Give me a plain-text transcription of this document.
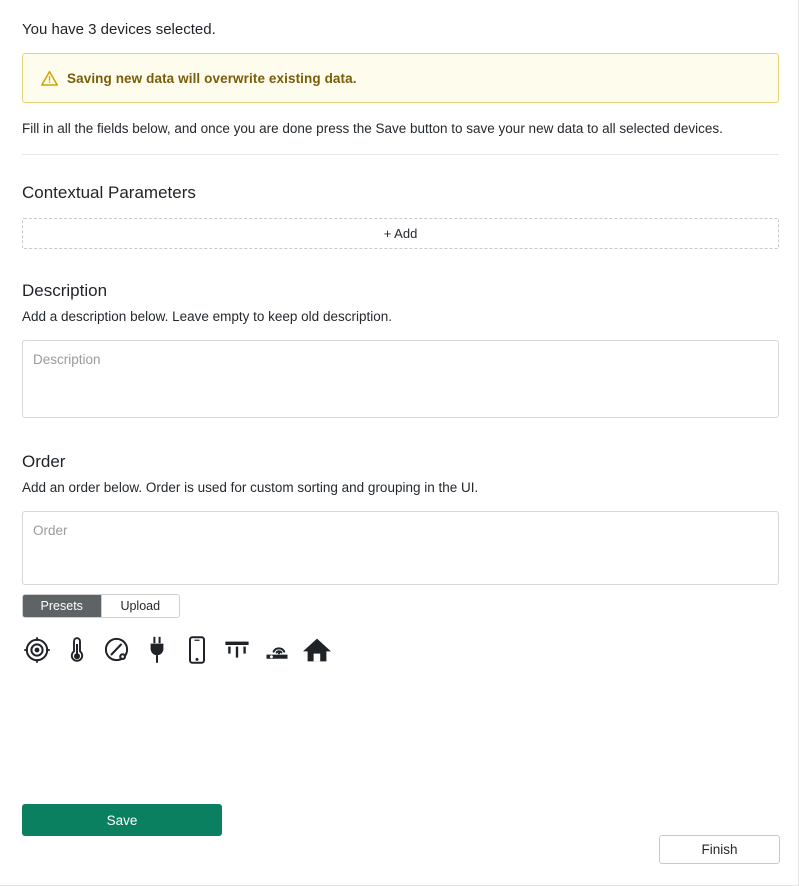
You have 3 devices selected.
Saving new data will overwrite existing data.
Fill in all the fields below, and once you are done press the Save button to save your new data to all selected devices.
Contextual Parameters
+ Add
Description
Add a description below. Leave empty to keep old description.
Description
Order
Add an order below. Order is used for custom sorting and grouping in the UI.
Order
Presets	Upload
Save
Finish
